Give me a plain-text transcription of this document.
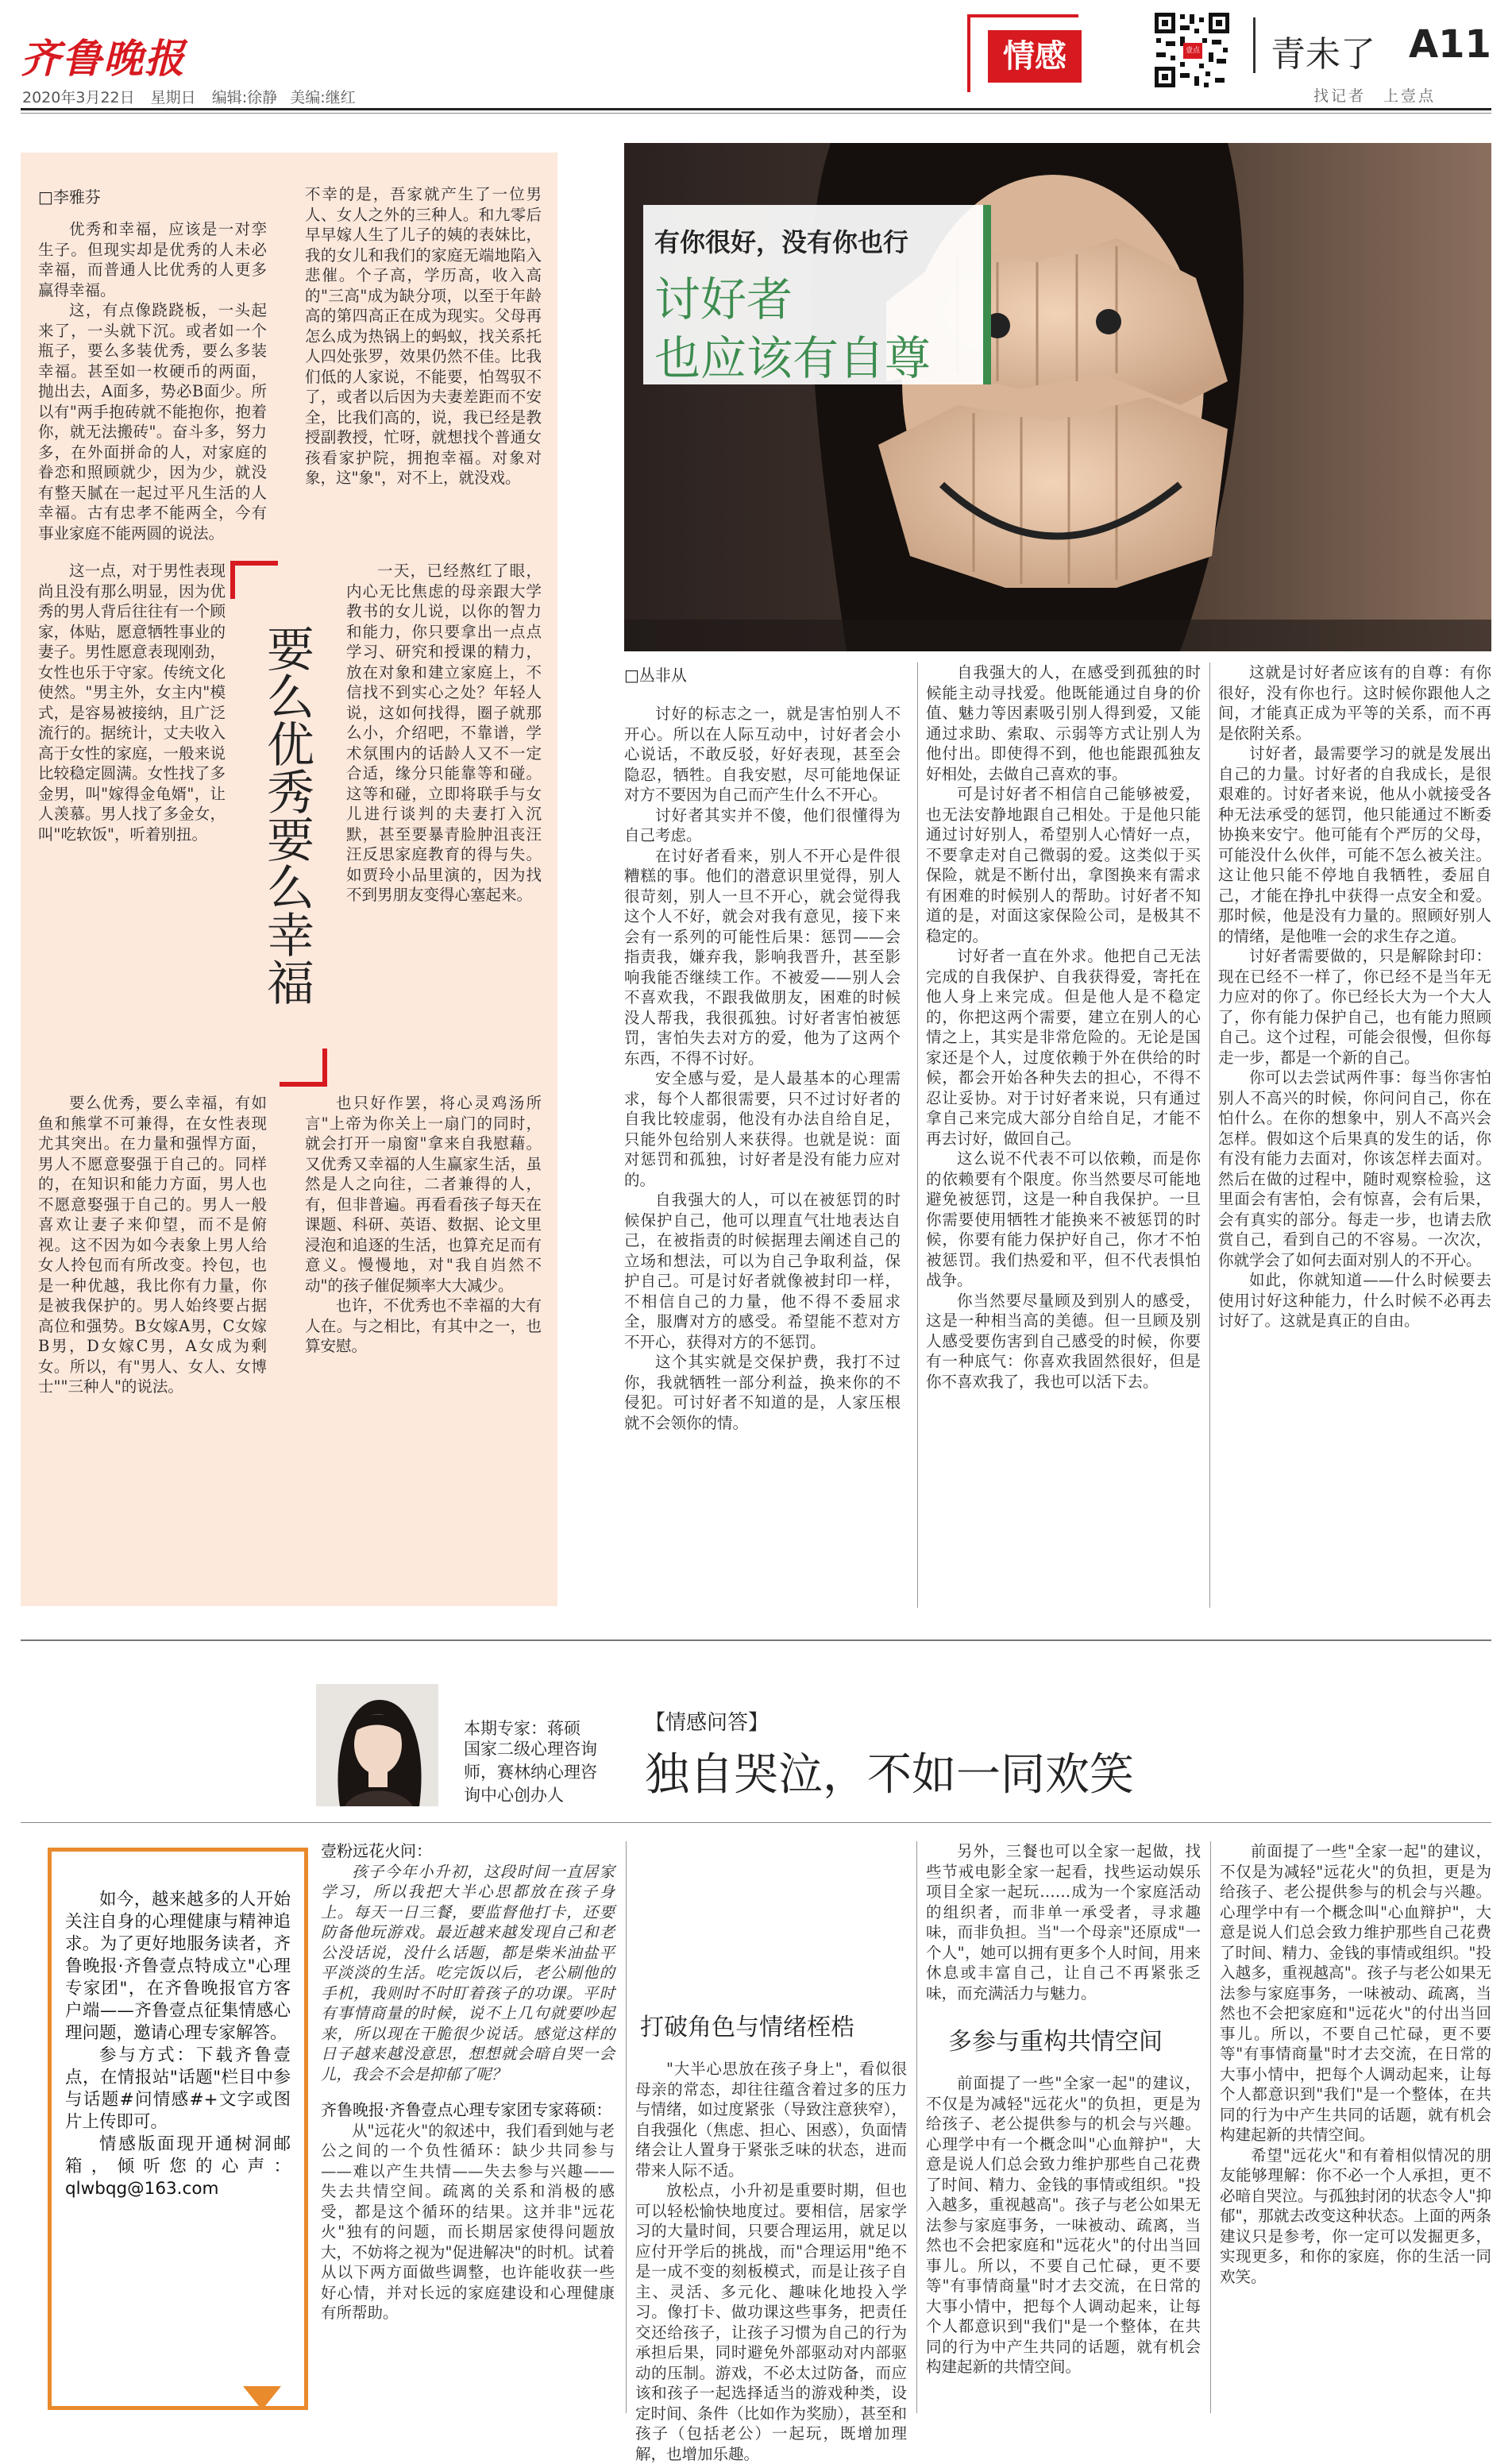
齐鲁晚报
2020年3月22日 星期日 编辑:徐静 美编:继红
情感	壹点 青未了 A11
找记者　上壹点
□李雅芬
要么优秀要么幸福

优秀和幸福，应该是一对孪生子。但现实却是优秀的人未必幸福，而普通人比优秀的人更多赢得幸福。

这，有点像跷跷板，一头起来了，一头就下沉。或者如一个瓶子，要么多装优秀，要么多装幸福。甚至如一枚硬币的两面，抛出去，A面多，势必B面少。所以有"两手抱砖就不能抱你，抱着你，就无法搬砖"。奋斗多，努力多，在外面拼命的人，对家庭的眷恋和照顾就少，因为少，就没有整天腻在一起过平凡生活的人幸福。古有忠孝不能两全，今有事业家庭不能两圆的说法。

这一点，对于男性表现尚且没有那么明显，因为优秀的男人背后往往有一个顾家，体贴，愿意牺牲事业的妻子。男性愿意表现刚劲，女性也乐于守家。传统文化使然。"男主外，女主内"模式，是容易被接纳，且广泛流行的。据统计，丈夫收入高于女性的家庭，一般来说比较稳定圆满。女性找了多金男，叫"嫁得金龟婿"，让人羡慕。男人找了多金女，叫"吃软饭"，听着别扭。

要么优秀，要么幸福，有如鱼和熊掌不可兼得，在女性表现尤其突出。在力量和强悍方面，男人不愿意娶强于自己的。同样的，在知识和能力方面，男人也不愿意娶强于自己的。男人一般喜欢让妻子来仰望，而不是俯视。这不因为如今表象上男人给女人拎包而有所改变。拎包，也是一种优越，我比你有力量，你是被我保护的。男人始终要占据高位和强势。B女嫁A男，C女嫁B男，D女嫁C男，A女成为剩女。所以，有"男人、女人、女博士""三种人"的说法。

不幸的是，吾家就产生了一位男人、女人之外的三种人。和九零后早早嫁人生了儿子的姨的表妹比，我的女儿和我们的家庭无端地陷入悲催。个子高，学历高，收入高的"三高"成为缺分项，以至于年龄高的第四高正在成为现实。父母再怎么成为热锅上的蚂蚁，找关系托人四处张罗，效果仍然不佳。比我们低的人家说，不能要，怕驾驭不了，或者以后因为夫妻差距而不安全，比我们高的，说，我已经是教授副教授，忙呀，就想找个普通女孩看家护院，拥抱幸福。对象对象，这"象"，对不上，就没戏。

一天，已经熬红了眼，内心无比焦虑的母亲跟大学教书的女儿说，以你的智力和能力，你只要拿出一点点学习、研究和授课的精力，放在对象和建立家庭上，不信找不到实心之处？年轻人说，这如何找得，圈子就那么小，介绍吧，不靠谱，学术氛围内的话龄人又不一定合适，缘分只能靠等和碰。这等和碰，立即将联手与女儿进行谈判的夫妻打入沉默，甚至要暴青脸肿沮丧汪汪反思家庭教育的得与失。如贾玲小品里演的，因为找不到男朋友变得心塞起来。

也只好作罢，将心灵鸡汤所言"上帝为你关上一扇门的同时，就会打开一扇窗"拿来自我慰藉。又优秀又幸福的人生赢家生活，虽然是人之向往，二者兼得的人，有，但非普遍。再看看孩子每天在课题、科研、英语、数据、论文里浸泡和追逐的生活，也算充足而有意义。慢慢地，对"我自岿然不动"的孩子催促频率大大减少。

也许，不优秀也不幸福的大有人在。与之相比，有其中之一，也算安慰。

有你很好，没有你也行
讨好者
也应该有自尊
□丛非从

讨好的标志之一，就是害怕别人不开心。所以在人际互动中，讨好者会小心说话，不敢反驳，好好表现，甚至会隐忍，牺牲。自我安慰，尽可能地保证对方不要因为自己而产生什么不开心。

讨好者其实并不傻，他们很懂得为自己考虑。

在讨好者看来，别人不开心是件很糟糕的事。他们的潜意识里觉得，别人很苛刻，别人一旦不开心，就会觉得我这个人不好，就会对我有意见，接下来会有一系列的可能性后果：惩罚——会指责我，嫌弃我，影响我晋升，甚至影响我能否继续工作。不被爱——别人会不喜欢我，不跟我做朋友，困难的时候没人帮我，我很孤独。讨好者害怕被惩罚，害怕失去对方的爱，他为了这两个东西，不得不讨好。

安全感与爱，是人最基本的心理需求，每个人都很需要，只不过讨好者的自我比较虚弱，他没有办法自给自足，只能外包给别人来获得。也就是说：面对惩罚和孤独，讨好者是没有能力应对的。

自我强大的人，可以在被惩罚的时候保护自己，他可以理直气壮地表达自己，在被指责的时候据理去阐述自己的立场和想法，可以为自己争取利益，保护自己。可是讨好者就像被封印一样，不相信自己的力量，他不得不委屈求全，服膺对方的感受。希望能不惹对方不开心，获得对方的不惩罚。

这个其实就是交保护费，我打不过你，我就牺牲一部分利益，换来你的不侵犯。可讨好者不知道的是，人家压根就不会领你的情。

自我强大的人，在感受到孤独的时候能主动寻找爱。他既能通过自身的价值、魅力等因素吸引别人得到爱，又能通过求助、索取、示弱等方式让别人为他付出。即使得不到，他也能跟孤独友好相处，去做自己喜欢的事。

可是讨好者不相信自己能够被爱，也无法安静地跟自己相处。于是他只能通过讨好别人，希望别人心情好一点，不要拿走对自己微弱的爱。这类似于买保险，就是不断付出，拿图换来有需求有困难的时候别人的帮助。讨好者不知道的是，对面这家保险公司，是极其不稳定的。

讨好者一直在外求。他把自己无法完成的自我保护、自我获得爱，寄托在他人身上来完成。但是他人是不稳定的，你把这两个需要，建立在别人的心情之上，其实是非常危险的。无论是国家还是个人，过度依赖于外在供给的时候，都会开始各种失去的担心，不得不忍让妥协。对于讨好者来说，只有通过拿自己来完成大部分自给自足，才能不再去讨好，做回自己。

这么说不代表不可以依赖，而是你的依赖要有个限度。你当然要尽可能地避免被惩罚，这是一种自我保护。一旦你需要使用牺牲才能换来不被惩罚的时候，你要有能力保护好自己，你才不怕被惩罚。我们热爱和平，但不代表惧怕战争。

你当然要尽量顾及到别人的感受，这是一种相当高的美德。但一旦顾及别人感受要伤害到自己感受的时候，你要有一种底气：你喜欢我固然很好，但是你不喜欢我了，我也可以活下去。

这就是讨好者应该有的自尊：有你很好，没有你也行。这时候你跟他人之间，才能真正成为平等的关系，而不再是依附关系。

讨好者，最需要学习的就是发展出自己的力量。讨好者的自我成长，是很艰难的。讨好者来说，他从小就接受各种无法承受的惩罚，他只能通过不断委协换来安宁。他可能有个严厉的父母，可能没什么伙伴，可能不怎么被关注。这让他只能不停地自我牺牲，委屈自己，才能在挣扎中获得一点安全和爱。那时候，他是没有力量的。照顾好别人的情绪，是他唯一会的求生存之道。

讨好者需要做的，只是解除封印：现在已经不一样了，你已经不是当年无力应对的你了。你已经长大为一个大人了，你有能力保护自己，也有能力照顾自己。这个过程，可能会很慢，但你每走一步，都是一个新的自己。

你可以去尝试两件事：每当你害怕别人不高兴的时候，你问问自己，你在怕什么。在你的想象中，别人不高兴会怎样。假如这个后果真的发生的话，你有没有能力去面对，你该怎样去面对。然后在做的过程中，随时观察检验，这里面会有害怕，会有惊喜，会有后果，会有真实的部分。每走一步，也请去欣赏自己，看到自己的不容易。一次次，你就学会了如何去面对别人的不开心。

如此，你就知道——什么时候要去使用讨好这种能力，什么时候不必再去讨好了。这就是真正的自由。

本期专家：蒋硕
国家二级心理咨询师，赛林纳心理咨询中心创办人
【情感问答】
独自哭泣，不如一同欢笑

如今，越来越多的人开始关注自身的心理健康与精神追求。为了更好地服务读者，齐鲁晚报·齐鲁壹点特成立"心理专家团"，在齐鲁晚报官方客户端——齐鲁壹点征集情感心理问题，邀请心理专家解答。

参与方式：下载齐鲁壹点，在情报站"话题"栏目中参与话题#问情感#+文字或图片上传即可。

情感版面现开通树洞邮箱，倾听您的心声：qlwbqg@163.com

壹粉远花火问：

孩子今年小升初，这段时间一直居家学习，所以我把大半心思都放在孩子身上。每天一日三餐，要监督他打卡，还要防备他玩游戏。最近越来越发现自己和老公没话说，没什么话题，都是柴米油盐平平淡淡的生活。吃完饭以后，老公刷他的手机，我则时不时盯着孩子的功课。平时有事情商量的时候，说不上几句就要吵起来，所以现在干脆很少说话。感觉这样的日子越来越没意思，想想就会暗自哭一会儿，我会不会是抑郁了呢？

齐鲁晚报·齐鲁壹点心理专家团专家蒋硕：

从"远花火"的叙述中，我们看到她与老公之间的一个负性循环：缺少共同参与——难以产生共情——失去参与兴趣——失去共情空间。疏离的关系和消极的感受，都是这个循环的结果。这并非"远花火"独有的问题，而长期居家使得问题放大，不妨将之视为"促进解决"的时机。试着从以下两方面做些调整，也许能收获一些好心情，并对长远的家庭建设和心理健康有所帮助。

打破角色与情绪桎梏

"大半心思放在孩子身上"，看似很母亲的常态，却往往蕴含着过多的压力与情绪，如过度紧张（导致注意狭窄），自我强化（焦虑、担心、困惑），负面情绪会让人置身于紧张乏味的状态，进而带来人际不适。

放松点，小升初是重要时期，但也可以轻松愉快地度过。要相信，居家学习的大量时间，只要合理运用，就足以应付开学后的挑战，而"合理运用"绝不是一成不变的刻板模式，而是让孩子自主、灵活、多元化、趣味化地投入学习。像打卡、做功课这些事务，把责任交还给孩子，让孩子习惯为自己的行为承担后果，同时避免外部驱动对内部驱动的压制。游戏，不必太过防备，而应该和孩子一起选择适当的游戏种类，设定时间、条件（比如作为奖励），甚至和孩子（包括老公）一起玩，既增加理解，也增加乐趣。

另外，三餐也可以全家一起做，找些节戒电影全家一起看，找些运动娱乐项目全家一起玩……成为一个家庭活动的组织者，而非单一承受者，寻求趣味，而非负担。当"一个母亲"还原成"一个人"，她可以拥有更多个人时间，用来休息或丰富自己，让自己不再紧张乏味，而充满活力与魅力。

多参与重构共情空间

前面提了一些"全家一起"的建议，不仅是为减轻"远花火"的负担，更是为给孩子、老公提供参与的机会与兴趣。心理学中有一个概念叫"心血辩护"，大意是说人们总会致力维护那些自己花费了时间、精力、金钱的事情或组织。"投入越多，重视越高"。孩子与老公如果无法参与家庭事务，一味被动、疏离，当然也不会把家庭和"远花火"的付出当回事儿。所以，不要自己忙碌，更不要等"有事情商量"时才去交流，在日常的大事小情中，把每个人调动起来，让每个人都意识到"我们"是一个整体，在共同的行为中产生共同的话题，就有机会构建起新的共情空间。

前面提了一些"全家一起"的建议，不仅是为减轻"远花火"的负担，更是为给孩子、老公提供参与的机会与兴趣。心理学中有一个概念叫"心血辩护"，大意是说人们总会致力维护那些自己花费了时间、精力、金钱的事情或组织。"投入越多，重视越高"。孩子与老公如果无法参与家庭事务，一味被动、疏离，当然也不会把家庭和"远花火"的付出当回事儿。所以，不要自己忙碌，更不要等"有事情商量"时才去交流，在日常的大事小情中，把每个人调动起来，让每个人都意识到"我们"是一个整体，在共同的行为中产生共同的话题，就有机会构建起新的共情空间。

希望"远花火"和有着相似情况的朋友能够理解：你不必一个人承担，更不必暗自哭泣。与孤独封闭的状态令人"抑郁"，那就去改变这种状态。上面的两条建议只是参考，你一定可以发掘更多，实现更多，和你的家庭，你的生活一同欢笑。
